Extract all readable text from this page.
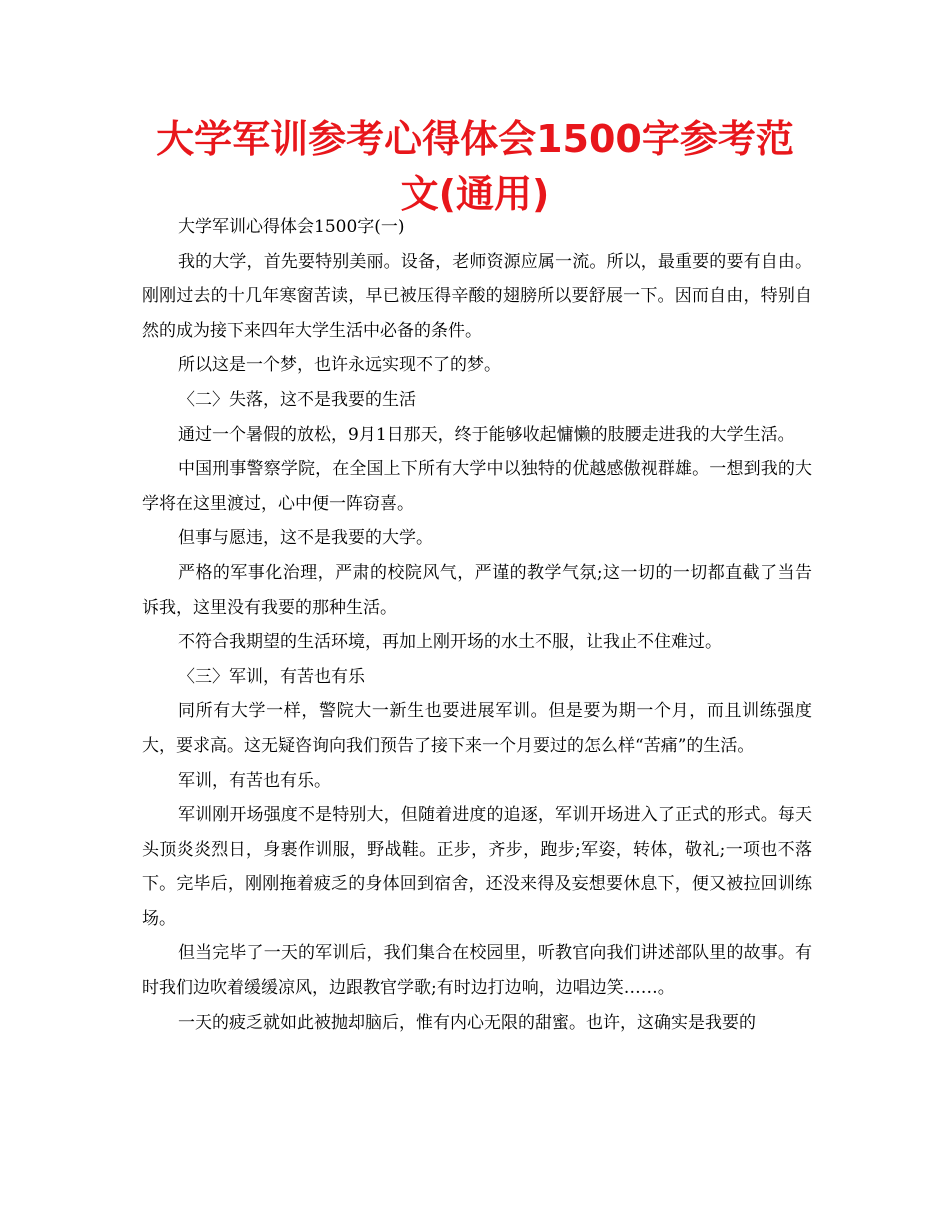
大学军训参考心得体会1500字参考范文(通用)

大学军训心得体会1500字(一)

我的大学，首先要特别美丽。设备，老师资源应属一流。所以，最重要的要有自由。刚刚过去的十几年寒窗苦读，早已被压得辛酸的翅膀所以要舒展一下。因而自由，特别自然的成为接下来四年大学生活中必备的条件。

所以这是一个梦，也许永远实现不了的梦。

〈二〉失落，这不是我要的生活

通过一个暑假的放松，9月1日那天，终于能够收起慵懒的肢腰走进我的大学生活。

中国刑事警察学院，在全国上下所有大学中以独特的优越感傲视群雄。一想到我的大学将在这里渡过，心中便一阵窃喜。

但事与愿违，这不是我要的大学。

严格的军事化治理，严肃的校院风气，严谨的教学气氛;这一切的一切都直截了当告诉我，这里没有我要的那种生活。

不符合我期望的生活环境，再加上刚开场的水土不服，让我止不住难过。

〈三〉军训，有苦也有乐

同所有大学一样，警院大一新生也要进展军训。但是要为期一个月，而且训练强度大，要求高。这无疑咨询向我们预告了接下来一个月要过的怎么样“苦痛”的生活。

军训，有苦也有乐。

军训刚开场强度不是特别大，但随着进度的追逐，军训开场进入了正式的形式。每天头顶炎炎烈日，身裹作训服，野战鞋。正步，齐步，跑步;军姿，转体，敬礼;一项也不落下。完毕后，刚刚拖着疲乏的身体回到宿舍，还没来得及妄想要休息下，便又被拉回训练场。

但当完毕了一天的军训后，我们集合在校园里，听教官向我们讲述部队里的故事。有时我们边吹着缓缓凉风，边跟教官学歌;有时边打边响，边唱边笑……。

一天的疲乏就如此被抛却脑后，惟有内心无限的甜蜜。也许，这确实是我要的
